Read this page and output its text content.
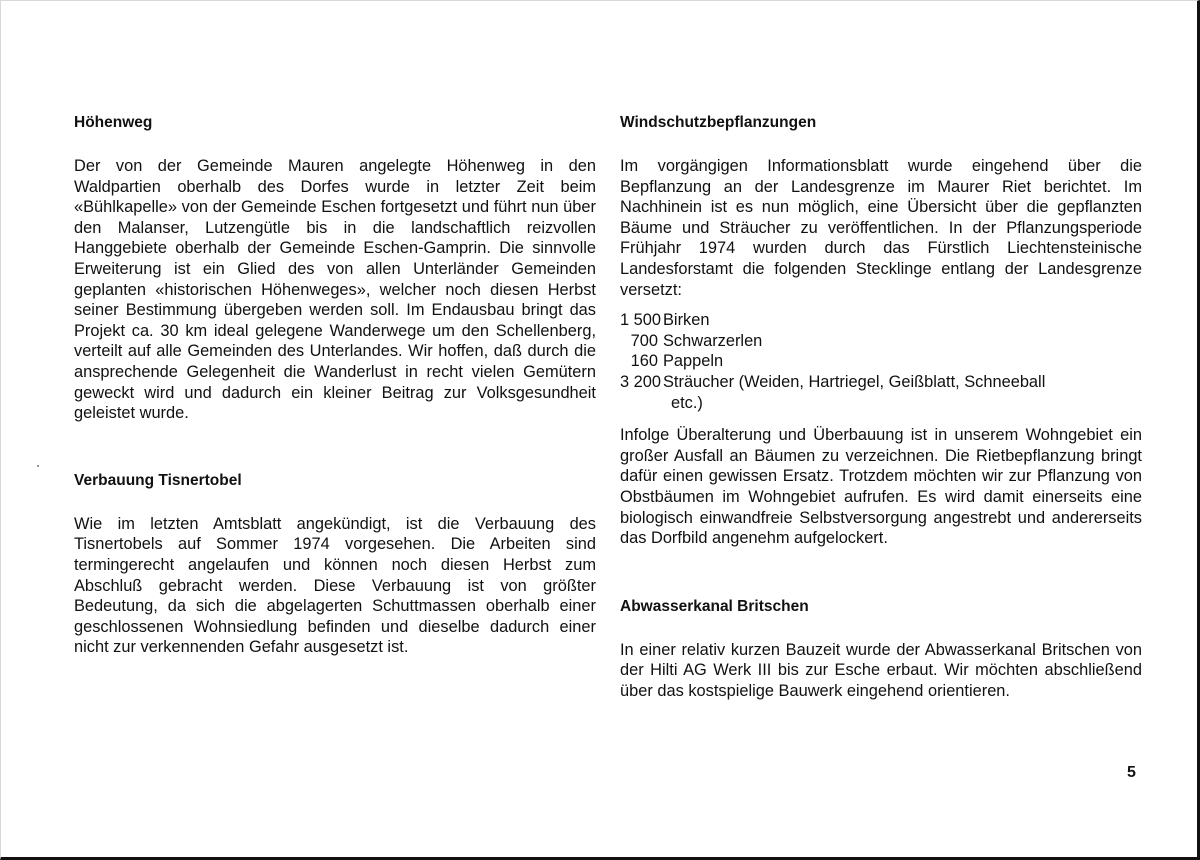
Höhenweg

Der von der Gemeinde Mauren angelegte Höhenweg in den Waldpartien oberhalb des Dorfes wurde in letzter Zeit beim «Bühlkapelle» von der Gemeinde Eschen fortgesetzt und führt nun über den Malanser, Lutzengütle bis in die landschaftlich reizvollen Hanggebiete oberhalb der Gemeinde Eschen-Gamprin. Die sinnvolle Erweiterung ist ein Glied des von allen Unterländer Gemeinden geplanten «historischen Höhenweges», welcher noch diesen Herbst seiner Bestimmung übergeben werden soll. Im Endausbau bringt das Projekt ca. 30 km ideal gelegene Wanderwege um den Schellenberg, verteilt auf alle Gemeinden des Unterlandes. Wir hoffen, daß durch die ansprechende Gelegenheit die Wanderlust in recht vielen Gemütern geweckt wird und dadurch ein kleiner Beitrag zur Volksgesundheit geleistet wurde.

Verbauung Tisnertobel

Wie im letzten Amtsblatt angekündigt, ist die Verbauung des Tisnertobels auf Sommer 1974 vorgesehen. Die Arbeiten sind termingerecht angelaufen und können noch diesen Herbst zum Abschluß gebracht werden. Diese Verbauung ist von größter Bedeutung, da sich die abgelagerten Schuttmassen oberhalb einer geschlossenen Wohnsiedlung befinden und dieselbe dadurch einer nicht zur verkennenden Gefahr ausgesetzt ist.

Windschutzbepflanzungen

Im vorgängigen Informationsblatt wurde eingehend über die Bepflanzung an der Landesgrenze im Maurer Riet berichtet. Im Nachhinein ist es nun möglich, eine Übersicht über die gepflanzten Bäume und Sträucher zu veröffentlichen. In der Pflanzungsperiode Frühjahr 1974 wurden durch das Fürstlich Liechtensteinische Landesforstamt die folgenden Stecklinge entlang der Landesgrenze versetzt:

1 500 Birken
700 Schwarzerlen
160 Pappeln
3 200 Sträucher (Weiden, Hartriegel, Geißblatt, Schneeball
etc.)

Infolge Überalterung und Überbauung ist in unserem Wohngebiet ein großer Ausfall an Bäumen zu verzeichnen. Die Rietbepflanzung bringt dafür einen gewissen Ersatz. Trotzdem möchten wir zur Pflanzung von Obstbäumen im Wohngebiet aufrufen. Es wird damit einerseits eine biologisch einwandfreie Selbstversorgung angestrebt und andererseits das Dorfbild angenehm aufgelockert.

Abwasserkanal Britschen

In einer relativ kurzen Bauzeit wurde der Abwasserkanal Britschen von der Hilti AG Werk III bis zur Esche erbaut. Wir möchten abschließend über das kostspielige Bauwerk eingehend orientieren.

5
